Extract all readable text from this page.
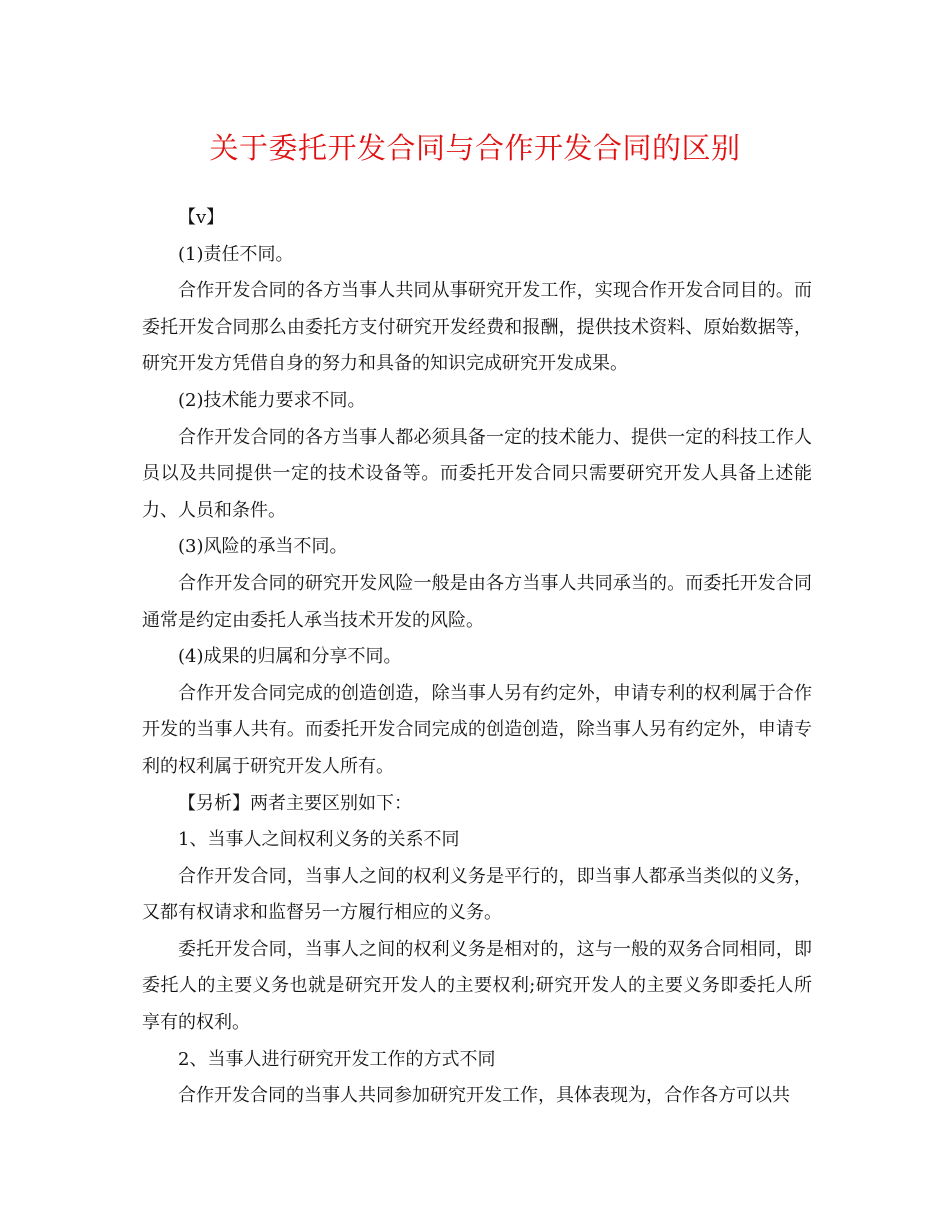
关于委托开发合同与合作开发合同的区别

【v】

(1)责任不同。

合作开发合同的各方当事人共同从事研究开发工作，实现合作开发合同目的。而委托开发合同那么由委托方支付研究开发经费和报酬，提供技术资料、原始数据等，研究开发方凭借自身的努力和具备的知识完成研究开发成果。

(2)技术能力要求不同。

合作开发合同的各方当事人都必须具备一定的技术能力、提供一定的科技工作人员以及共同提供一定的技术设备等。而委托开发合同只需要研究开发人具备上述能力、人员和条件。

(3)风险的承当不同。

合作开发合同的研究开发风险一般是由各方当事人共同承当的。而委托开发合同通常是约定由委托人承当技术开发的风险。

(4)成果的归属和分享不同。

合作开发合同完成的创造创造，除当事人另有约定外，申请专利的权利属于合作开发的当事人共有。而委托开发合同完成的创造创造，除当事人另有约定外，申请专利的权利属于研究开发人所有。

【另析】两者主要区别如下：

1、当事人之间权利义务的关系不同

合作开发合同，当事人之间的权利义务是平行的，即当事人都承当类似的义务，又都有权请求和监督另一方履行相应的义务。

委托开发合同，当事人之间的权利义务是相对的，这与一般的双务合同相同，即委托人的主要义务也就是研究开发人的主要权利;研究开发人的主要义务即委托人所享有的权利。

2、当事人进行研究开发工作的方式不同

合作开发合同的当事人共同参加研究开发工作，具体表现为，合作各方可以共
